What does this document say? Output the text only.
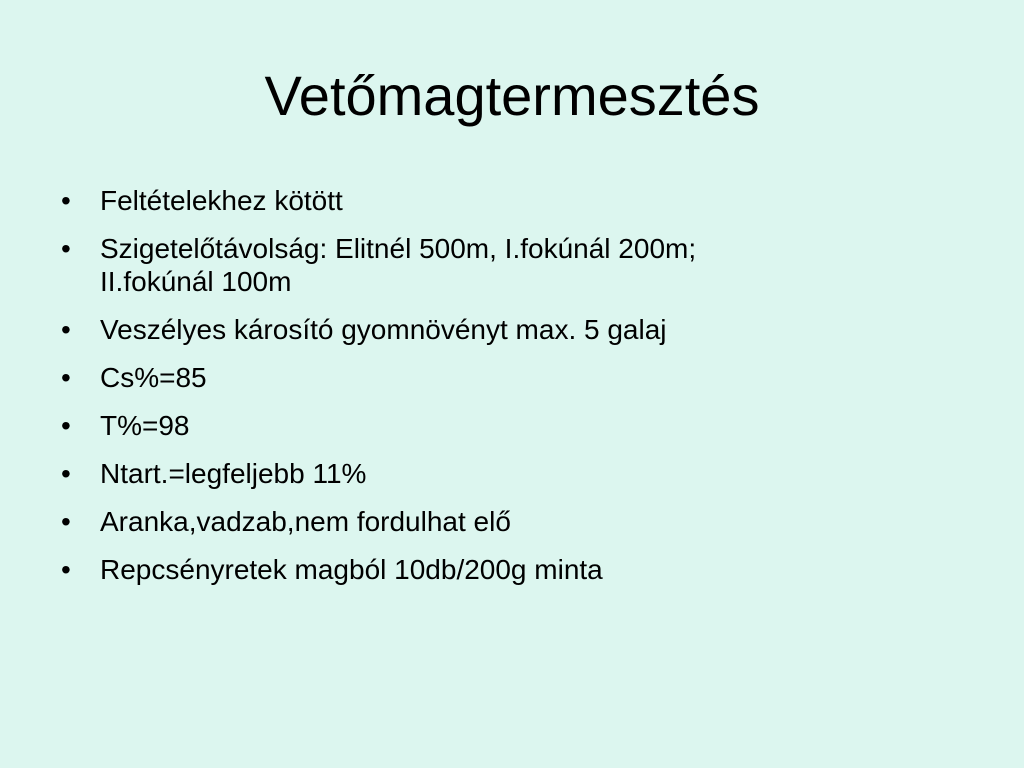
Vetőmagtermesztés
•	Feltételekhez kötött
•	Szigetelőtávolság: Elitnél 500m, I.fokúnál 200m;
II.fokúnál 100m
•	Veszélyes károsító gyomnövényt max. 5 galaj
•	Cs%=85
•	T%=98
•	Ntart.=legfeljebb 11%
•	Aranka,vadzab,nem fordulhat elő
•	Repcsényretek magból 10db/200g minta
